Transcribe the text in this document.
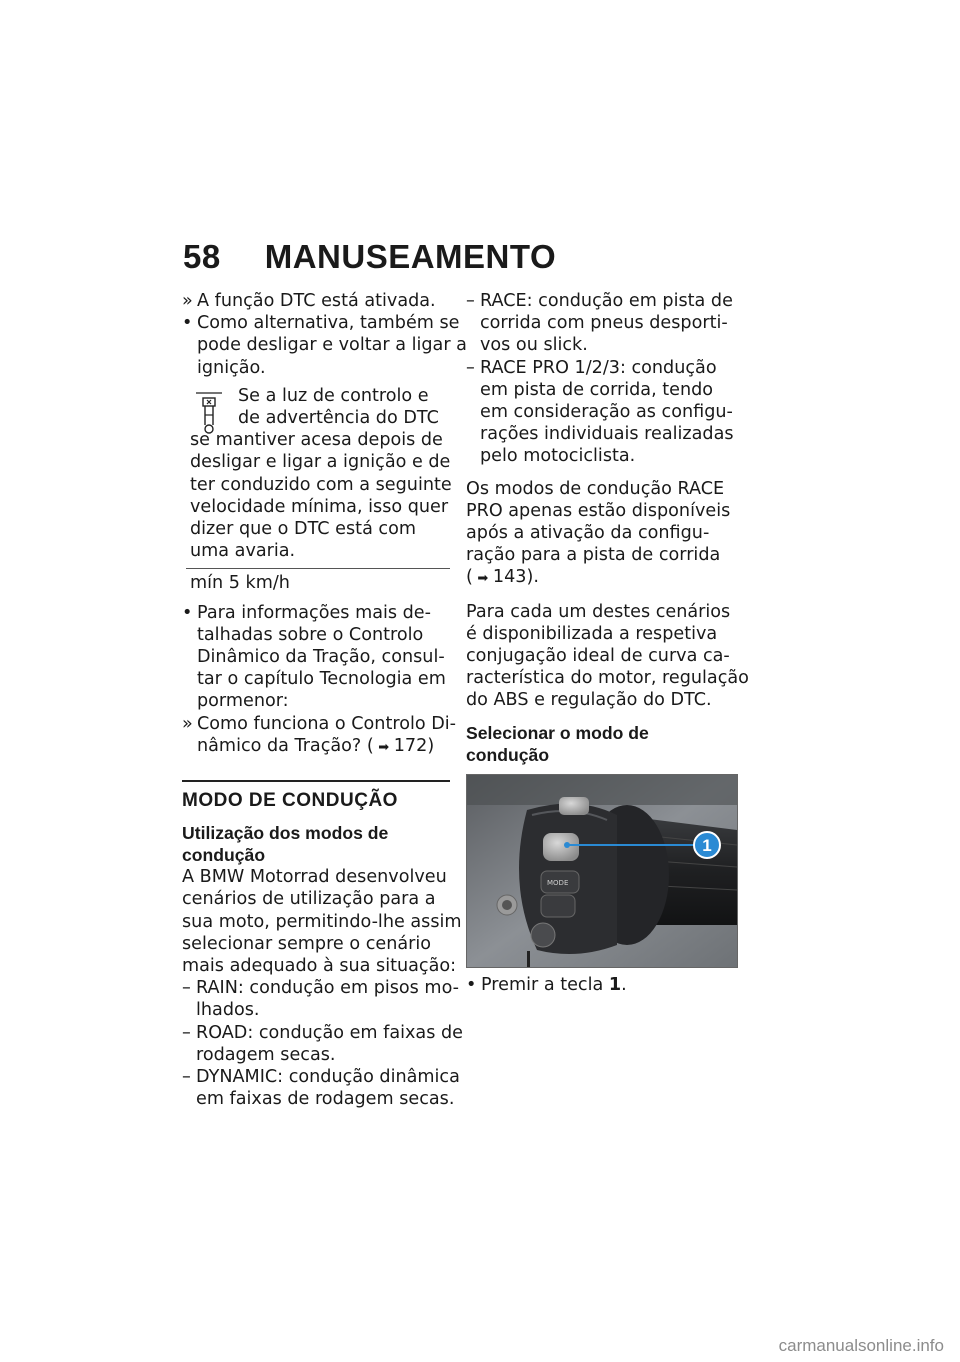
58 MANUSEAMENTO
» A função DTC está ativada.
• Como alternativa, também se
pode desligar e voltar a ligar a
ignição.
Se a luz de controlo e
de advertência do DTC
se mantiver acesa depois de
desligar e ligar a ignição e de
ter conduzido com a seguinte
velocidade mínima, isso quer
dizer que o DTC está com
uma avaria.
mín 5 km/h
• Para informações mais de-
talhadas sobre o Controlo
Dinâmico da Tração, consul-
tar o capítulo Tecnologia em
pormenor:
» Como funciona o Controlo Di-
nâmico da Tração? ( ➡ 172)
MODO DE CONDUÇÃO
Utilização dos modos de
condução
A BMW Motorrad desenvolveu
cenários de utilização para a
sua moto, permitindo-lhe assim
selecionar sempre o cenário
mais adequado à sua situação:
– RAIN: condução em pisos mo-
lhados.
– ROAD: condução em faixas de
rodagem secas.
– DYNAMIC: condução dinâmica
em faixas de rodagem secas.
– RACE: condução em pista de
corrida com pneus desporti-
vos ou slick.
– RACE PRO 1/2/3: condução
em pista de corrida, tendo
em consideração as configu-
rações individuais realizadas
pelo motociclista.
Os modos de condução RACE
PRO apenas estão disponíveis
após a ativação da configu-
ração para a pista de corrida
( ➡ 143).
Para cada um destes cenários
é disponibilizada a respetiva
conjugação ideal de curva ca-
racterística do motor, regulação
do ABS e regulação do DTC.
Selecionar o modo de
condução
MODE
1
• Premir a tecla 1.
carmanualsonline.info
